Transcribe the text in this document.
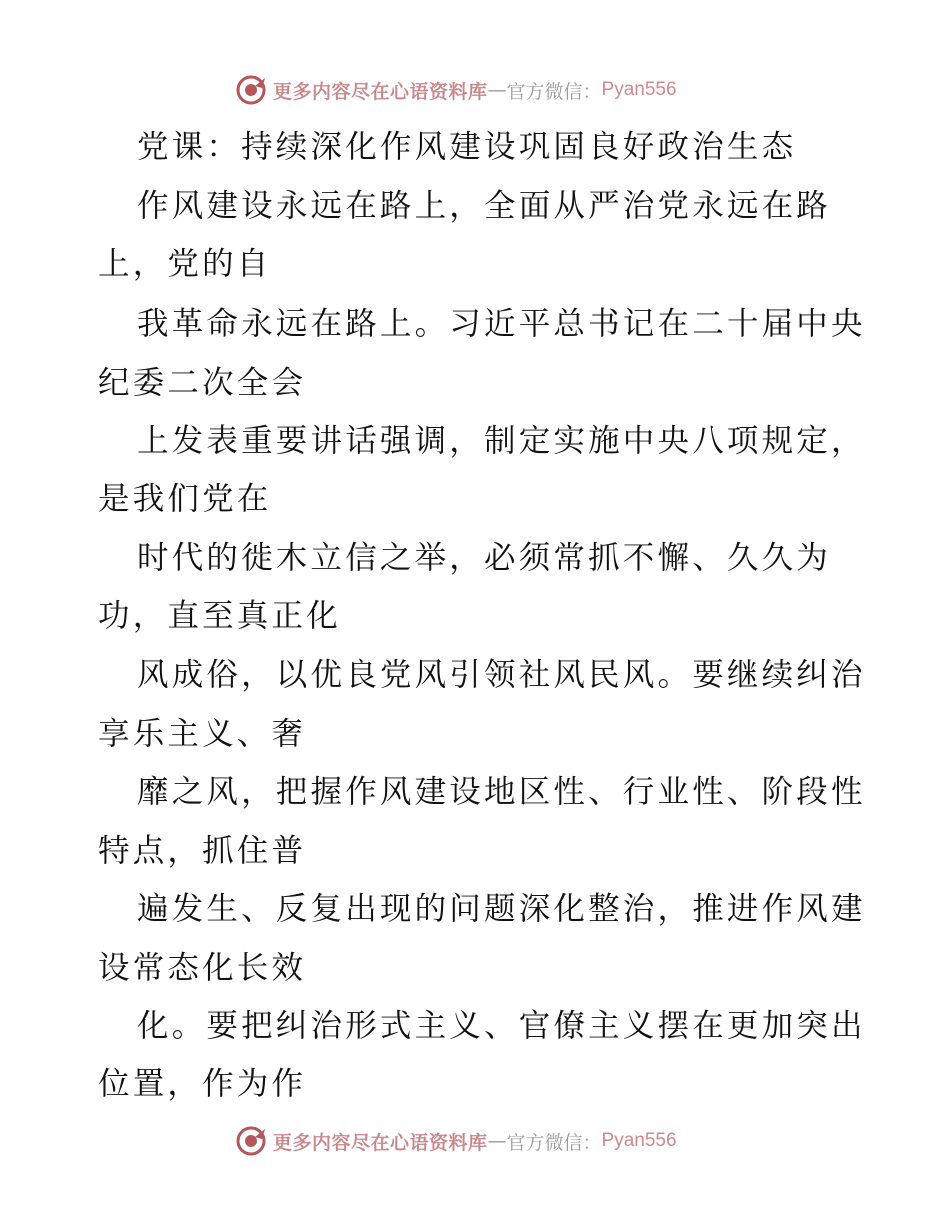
更多内容尽在心语资料库 — 官方微信： Pyan556
党课：持续深化作风建设巩固良好政治生态
作风建设永远在路上，全面从严治党永远在路
上，党的自
我革命永远在路上。习近平总书记在二十届中央
纪委二次全会
上发表重要讲话强调，制定实施中央八项规定，
是我们党在
时代的徙木立信之举，必须常抓不懈、久久为
功，直至真正化
风成俗，以优良党风引领社风民风。要继续纠治
享乐主义、奢
靡之风，把握作风建设地区性、行业性、阶段性
特点，抓住普
遍发生、反复出现的问题深化整治，推进作风建
设常态化长效
化。要把纠治形式主义、官僚主义摆在更加突出
位置，作为作
更多内容尽在心语资料库 — 官方微信： Pyan556
